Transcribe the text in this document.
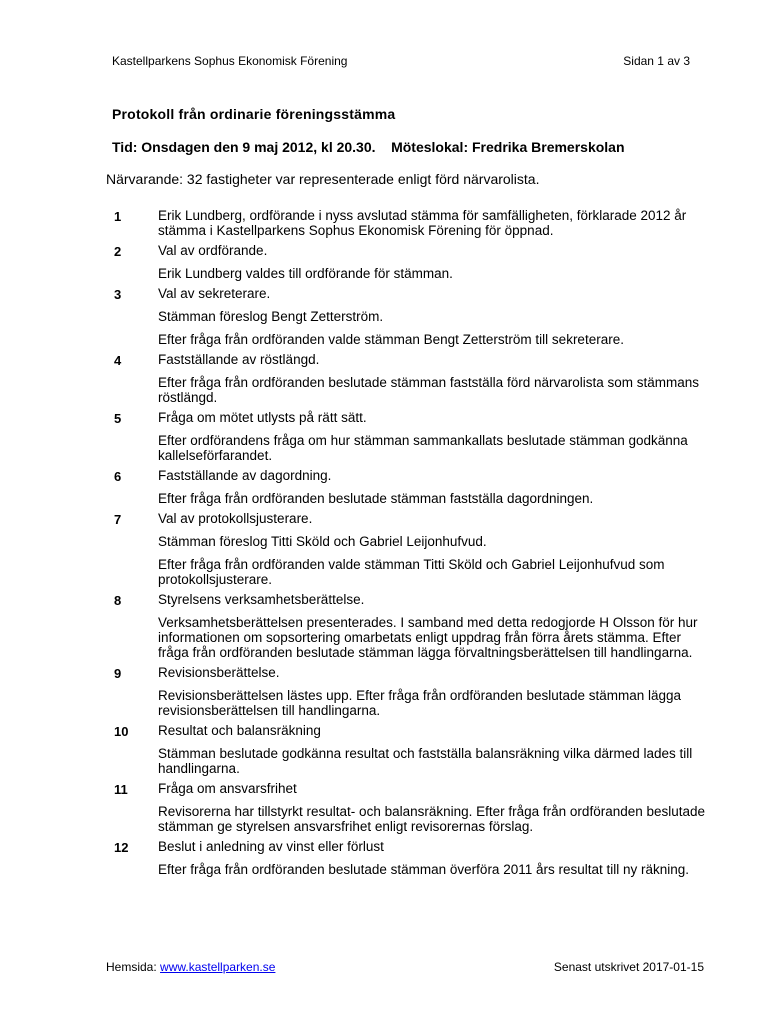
Kastellparkens Sophus Ekonomisk Förening	Sidan 1 av 3
Protokoll från ordinarie föreningsstämma
Tid: Onsdagen den 9 maj 2012, kl 20.30. Möteslokal: Fredrika Bremerskolan
Närvarande: 32 fastigheter var representerade enligt förd närvarolista.
1	Erik Lundberg, ordförande i nyss avslutad stämma för samfälligheten, förklarade 2012 år stämma i Kastellparkens Sophus Ekonomisk Förening för öppnad.

2	Val av ordförande.

Erik Lundberg valdes till ordförande för stämman.

3	Val av sekreterare.

Stämman föreslog Bengt Zetterström.

Efter fråga från ordföranden valde stämman Bengt Zetterström till sekreterare.

4	Fastställande av röstlängd.

Efter fråga från ordföranden beslutade stämman fastställa förd närvarolista som stämmans röstlängd.

5	Fråga om mötet utlysts på rätt sätt.

Efter ordförandens fråga om hur stämman sammankallats beslutade stämman godkänna kallelseförfarandet.

6	Fastställande av dagordning.

Efter fråga från ordföranden beslutade stämman fastställa dagordningen.

7	Val av protokollsjusterare.

Stämman föreslog Titti Sköld och Gabriel Leijonhufvud.

Efter fråga från ordföranden valde stämman Titti Sköld och Gabriel Leijonhufvud som protokollsjusterare.

8	Styrelsens verksamhetsberättelse.

Verksamhetsberättelsen presenterades. I samband med detta redogjorde H Olsson för hur informationen om sopsortering omarbetats enligt uppdrag från förra årets stämma. Efter fråga från ordföranden beslutade stämman lägga förvaltningsberättelsen till handlingarna.

9	Revisionsberättelse.

Revisionsberättelsen lästes upp. Efter fråga från ordföranden beslutade stämman lägga revisionsberättelsen till handlingarna.

10	Resultat och balansräkning

Stämman beslutade godkänna resultat och fastställa balansräkning vilka därmed lades till handlingarna.

11	Fråga om ansvarsfrihet

Revisorerna har tillstyrkt resultat- och balansräkning. Efter fråga från ordföranden beslutade stämman ge styrelsen ansvarsfrihet enligt revisorernas förslag.

12	Beslut i anledning av vinst eller förlust

Efter fråga från ordföranden beslutade stämman överföra 2011 års resultat till ny räkning.

Hemsida: www.kastellparken.se	Senast utskrivet 2017-01-15
